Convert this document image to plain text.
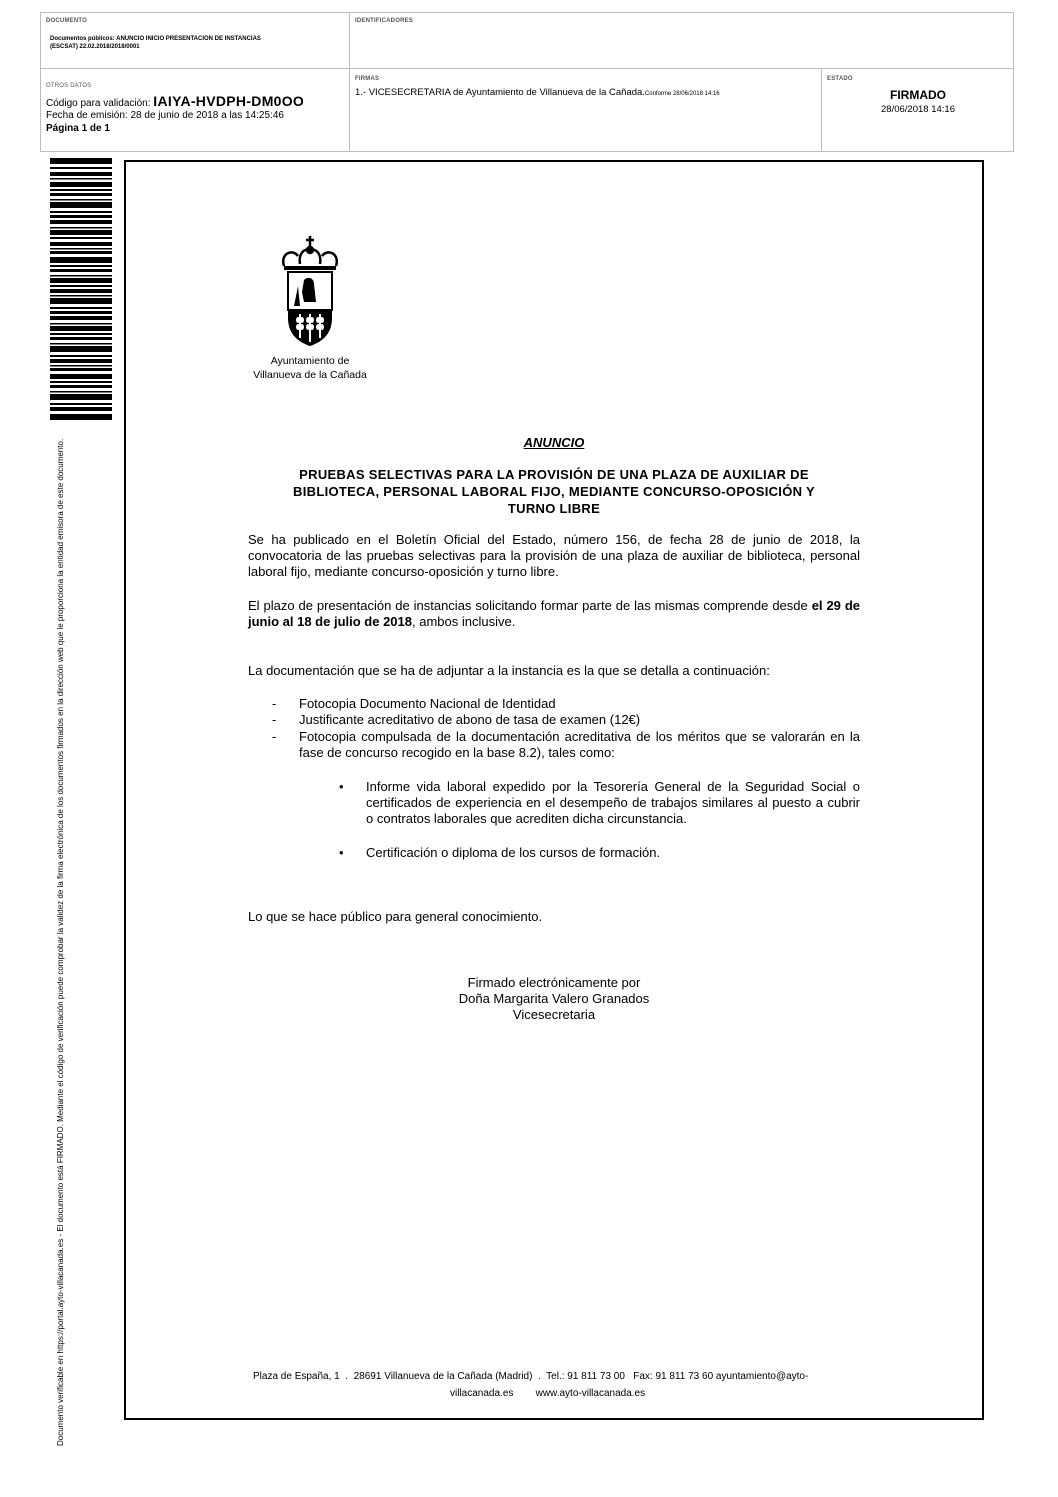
DOCUMENTO
Documentos públicos: ANUNCIO INICIO PRESENTACION DE INSTANCIAS
(ESCSAT) 22.02.2018/2018/0001
IDENTIFICADORES
OTROS DATOS
Código para validación: IAIYA-HVDPH-DM0OO
Fecha de emisión: 28 de junio de 2018 a las 14:25:46
Página 1 de 1
FIRMAS
1.- VICESECRETARIA de Ayuntamiento de Villanueva de la Cañada.Conforme 28/06/2018 14:16
ESTADO
FIRMADO
28/06/2018 14:16
Documento verificable en https://portal.ayto-villacanada.es - El documento está FIRMADO. Mediante el código de verificación puede comprobar la validez de la firma electrónica de los documentos firmados en la dirección web que le proporciona la entidad emisora de este documento.
Ayuntamiento de
Villanueva de la Cañada
ANUNCIO
PRUEBAS SELECTIVAS PARA LA PROVISIÓN DE UNA PLAZA DE AUXILIAR DE
BIBLIOTECA, PERSONAL LABORAL FIJO, MEDIANTE CONCURSO-OPOSICIÓN Y
TURNO LIBRE
Se ha publicado en el Boletín Oficial del Estado, número 156, de fecha 28 de junio de 2018, la convocatoria de las pruebas selectivas para la provisión de una plaza de auxiliar de biblioteca, personal laboral fijo, mediante concurso-oposición y turno libre.
El plazo de presentación de instancias solicitando formar parte de las mismas comprende desde el 29 de junio al 18 de julio de 2018, ambos inclusive.
La documentación que se ha de adjuntar a la instancia es la que se detalla a continuación:
- Fotocopia Documento Nacional de Identidad
- Justificante acreditativo de abono de tasa de examen (12€)
- Fotocopia compulsada de la documentación acreditativa de los méritos que se valorarán en la fase de concurso recogido en la base 8.2), tales como:
• Informe vida laboral expedido por la Tesorería General de la Seguridad Social o certificados de experiencia en el desempeño de trabajos similares al puesto a cubrir o contratos laborales que acrediten dicha circunstancia.
• Certificación o diploma de los cursos de formación.
Lo que se hace público para general conocimiento.
Firmado electrónicamente por
Doña Margarita Valero Granados
Vicesecretaria
Plaza de España, 1  .  28691 Villanueva de la Cañada (Madrid)  .  Tel.: 91 811 73 00   Fax: 91 811 73 60 ayuntamiento@ayto-
villacanada.es        www.ayto-villacanada.es
